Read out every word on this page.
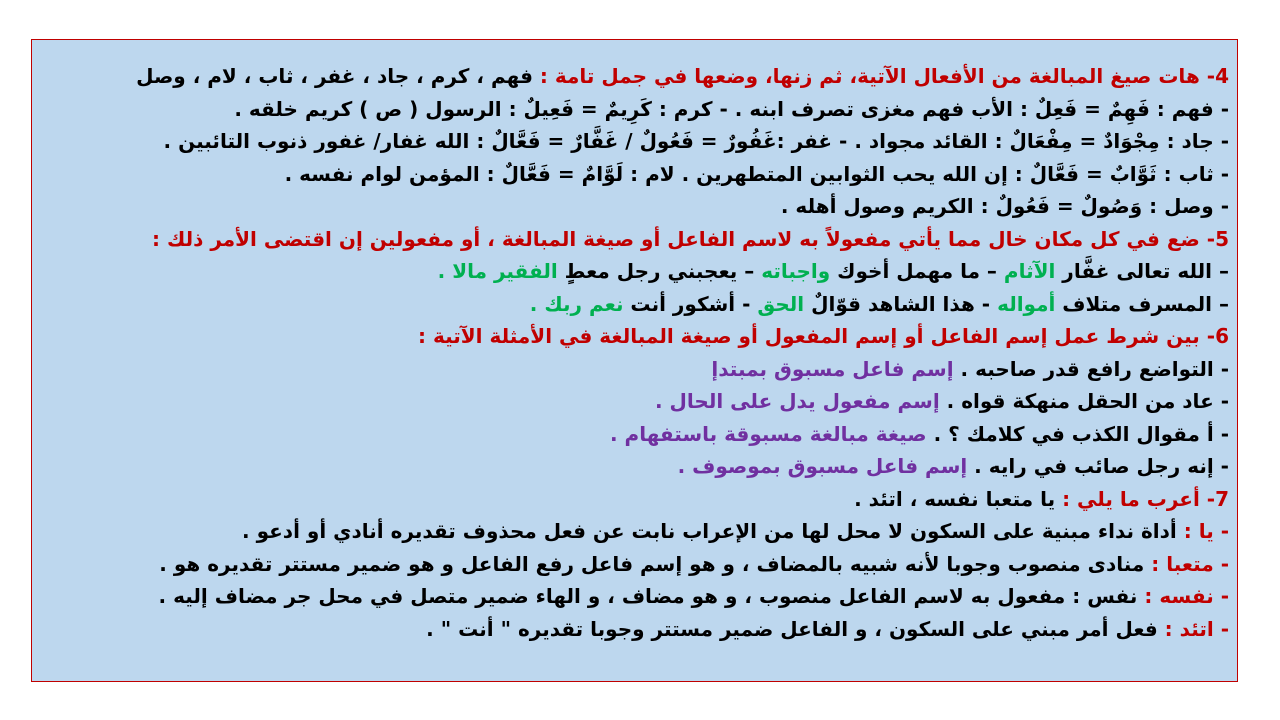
4- هات صيغ المبالغة من الأفعال الآتية، ثم زنها، وضعها في جمل تامة : فهم ، كرم ، جاد ، غفر ، ثاب ، لام ، وصل
- فهم : فَهِمٌ = فَعِلٌ : الأب فهم مغزى تصرف ابنه . - كرم : كَرِيمٌ = فَعِيلٌ : الرسول ( ص ) كريم خلقه .
- جاد : مِجْوَادٌ = مِفْعَالٌ : القائد مجواد . - غفر :غَفُورٌ = فَعُولٌ / غَفَّارٌ = فَعَّالٌ : الله غفار/ غفور ذنوب التائبين .
- ثاب : ثَوَّابٌ = فَعَّالٌ : إن الله يحب الثوابين المتطهرين . لام : لَوَّامٌ = فَعَّالٌ : المؤمن لوام نفسه .
- وصل : وَصُولٌ = فَعُولٌ : الكريم وصول أهله .
5- ضع في كل مكان خال مما يأتي مفعولاً به لاسم الفاعل أو صيغة المبالغة ، أو مفعولين إن اقتضى الأمر ذلك :
– الله تعالى غفَّار الآثام – ما مهمل أخوك واجباته – يعجبني رجل معطٍ الفقير مالا .
– المسرف متلاف أمواله - هذا الشاهد قوّالٌ الحق - أشكور أنت نعم ربك .
6- بين شرط عمل إسم الفاعل أو إسم المفعول أو صيغة المبالغة في الأمثلة الآتية :
- التواضع رافع قدر صاحبه . إسم فاعل مسبوق بمبتدإ
- عاد من الحقل منهكة قواه . إسم مفعول يدل على الحال .
- أ مقوال الكذب في كلامك ؟ . صيغة مبالغة مسبوقة باستفهام .
- إنه رجل صائب في رايه . إسم فاعل مسبوق بموصوف .
7- أعرب ما يلي : يا متعبا نفسه ، اتئد .
- يا : أداة نداء مبنية على السكون لا محل لها من الإعراب نابت عن فعل محذوف تقديره أنادي أو أدعو .
- متعبا : منادى منصوب وجوبا لأنه شبيه بالمضاف ، و هو إسم فاعل رفع الفاعل و هو ضمير مستتر تقديره هو .
- نفسه : نفس : مفعول به لاسم الفاعل منصوب ، و هو مضاف ، و الهاء ضمير متصل في محل جر مضاف إليه .
- اتئد : فعل أمر مبني على السكون ، و الفاعل ضمير مستتر وجوبا تقديره " أنت " .
